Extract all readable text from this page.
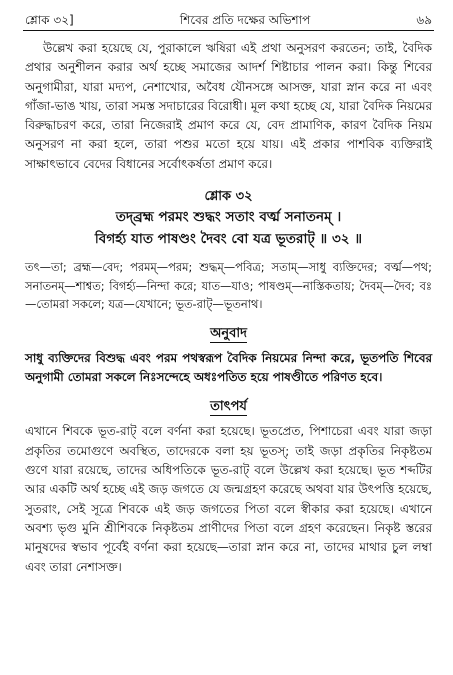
শ্লোক ৩২]	শিবের প্রতি দক্ষের অভিশাপ	৬৯

উল্লেখ করা হয়েছে যে, পুরাকালে ঋষিরা এই প্রথা অনুসরণ করতেন; তাই, বৈদিক প্রথার অনুশীলন করার অর্থ হচ্ছে সমাজের আদর্শ শিষ্টাচার পালন করা। কিন্তু শিবের অনুগামীরা, যারা মদ্যপ, নেশাখোর, অবৈধ যৌনসঙ্গে আসক্ত, যারা স্নান করে না এবং গাঁজা-ভাঙ খায়, তারা সমস্ত সদাচারের বিরোধী। মূল কথা হচ্ছে যে, যারা বৈদিক নিয়মের বিরুদ্ধাচরণ করে, তারা নিজেরাই প্রমাণ করে যে, বেদ প্রামাণিক, কারণ বৈদিক নিয়ম অনুসরণ না করা হলে, তারা পশুর মতো হয়ে যায়। এই প্রকার পাশবিক ব্যক্তিরাই সাক্ষাৎভাবে বেদের বিধানের সর্বোৎকর্ষতা প্রমাণ করে।

শ্লোক ৩২
তদ্‌ব্রহ্ম পরমং শুদ্ধং সতাং বর্ত্ম সনাতনম্ ।
বিগর্হ্য যাত পাষণ্ডং দৈবং বো যত্র ভূতরাট্ ॥ ৩২ ॥

তৎ—তা; ব্রহ্ম—বেদ; পরমম্—পরম; শুদ্ধম্—পবিত্র; সতাম্—সাধু ব্যক্তিদের; বর্ত্ম—পথ; সনাতনম্—শাশ্বত; বিগর্হ্য—নিন্দা করে; যাত—যাও; পাষণ্ডম্—নাস্তিকতায়; দৈবম্—দৈব; বঃ—তোমরা সকলে; যত্র—যেখানে; ভূত-রাট্—ভূতনাথ।

অনুবাদ

সাধু ব্যক্তিদের বিশুদ্ধ এবং পরম পথস্বরূপ বৈদিক নিয়মের নিন্দা করে, ভূতপতি শিবের অনুগামী তোমরা সকলে নিঃসন্দেহে অধঃপতিত হয়ে পাষণ্ডীতে পরিণত হবে।

তাৎপর্য

এখানে শিবকে ভূত-রাট্ বলে বর্ণনা করা হয়েছে। ভূতপ্রেত, পিশাচেরা এবং যারা জড়া প্রকৃতির তমোগুণে অবস্থিত, তাদেরকে বলা হয় ভূতস্; তাই জড়া প্রকৃতির নিকৃষ্টতম গুণে যারা রয়েছে, তাদের অধিপতিকে ভূত-রাট্ বলে উল্লেখ করা হয়েছে। ভূত শব্দটির আর একটি অর্থ হচ্ছে এই জড় জগতে যে জন্মগ্রহণ করেছে অথবা যার উৎপত্তি হয়েছে, সুতরাং, সেই সূত্রে শিবকে এই জড় জগতের পিতা বলে স্বীকার করা হয়েছে। এখানে অবশ্য ভৃগু মুনি শ্রীশিবকে নিকৃষ্টতম প্রাণীদের পিতা বলে গ্রহণ করেছেন। নিকৃষ্ট স্তরের মানুষদের স্বভাব পূর্বেই বর্ণনা করা হয়েছে—তারা স্নান করে না, তাদের মাথার চুল লম্বা এবং তারা নেশাসক্ত।
